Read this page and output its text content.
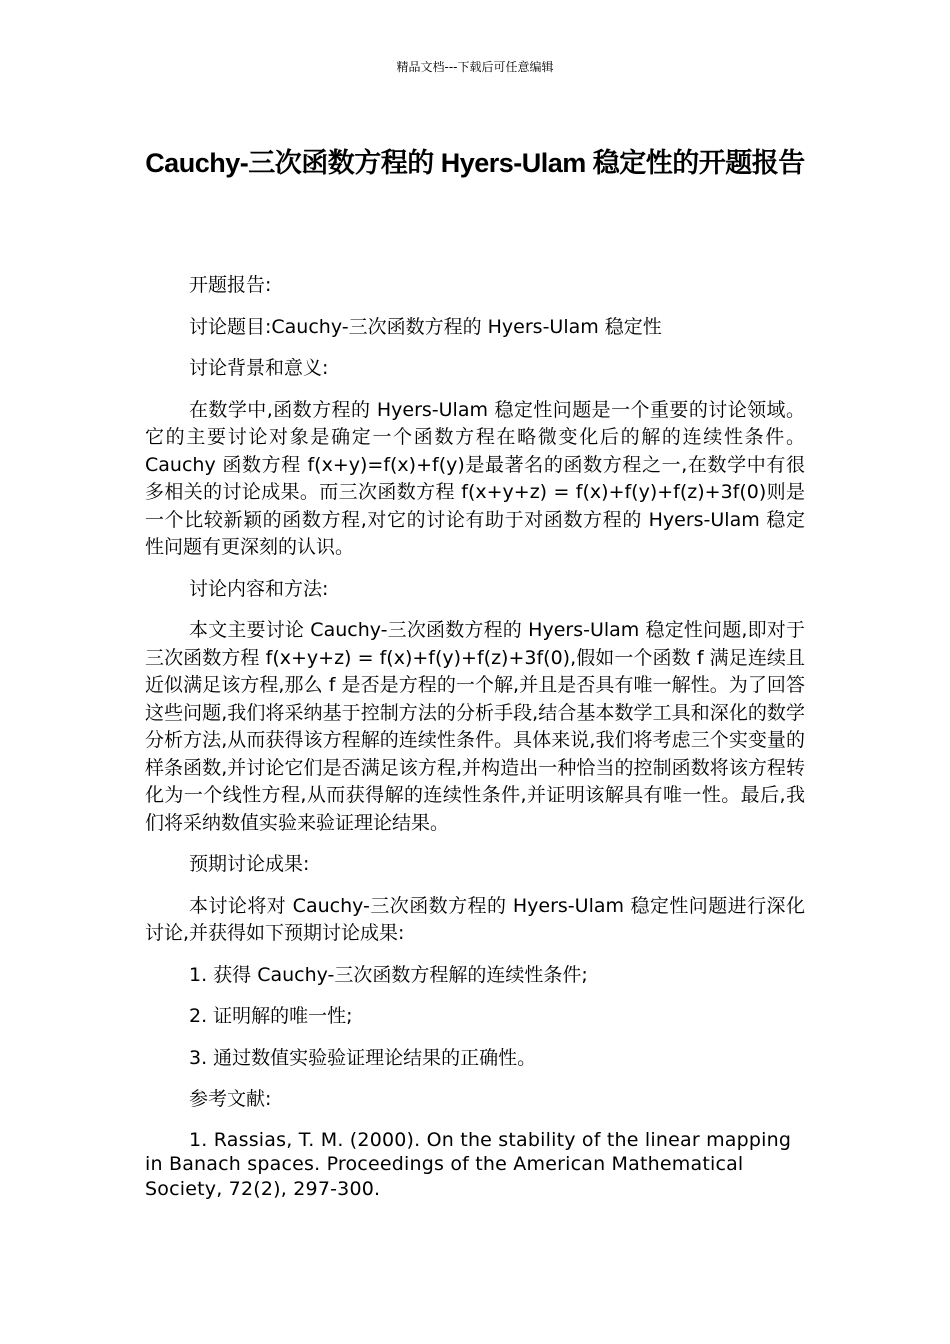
精品文档---下载后可任意编辑
Cauchy-三次函数方程的 Hyers-Ulam 稳定性的开题报告

开题报告:

讨论题目:Cauchy-三次函数方程的 Hyers-Ulam 稳定性

讨论背景和意义:

在数学中,函数方程的 Hyers-Ulam 稳定性问题是一个重要的讨论领域。它的主要讨论对象是确定一个函数方程在略微变化后的解的连续性条件。Cauchy 函数方程 f(x+y)=f(x)+f(y)是最著名的函数方程之一,在数学中有很多相关的讨论成果。而三次函数方程 f(x+y+z) = f(x)+f(y)+f(z)+3f(0)则是一个比较新颖的函数方程,对它的讨论有助于对函数方程的 Hyers-Ulam 稳定性问题有更深刻的认识。

讨论内容和方法:

本文主要讨论 Cauchy-三次函数方程的 Hyers-Ulam 稳定性问题,即对于三次函数方程 f(x+y+z) = f(x)+f(y)+f(z)+3f(0),假如一个函数 f 满足连续且近似满足该方程,那么 f 是否是方程的一个解,并且是否具有唯一解性。为了回答这些问题,我们将采纳基于控制方法的分析手段,结合基本数学工具和深化的数学分析方法,从而获得该方程解的连续性条件。具体来说,我们将考虑三个实变量的样条函数,并讨论它们是否满足该方程,并构造出一种恰当的控制函数将该方程转化为一个线性方程,从而获得解的连续性条件,并证明该解具有唯一性。最后,我们将采纳数值实验来验证理论结果。

预期讨论成果:

本讨论将对 Cauchy-三次函数方程的 Hyers-Ulam 稳定性问题进行深化讨论,并获得如下预期讨论成果:

1. 获得 Cauchy-三次函数方程解的连续性条件;

2. 证明解的唯一性;

3. 通过数值实验验证理论结果的正确性。

参考文献:

1. Rassias, T. M. (2000). On the stability of the linear mapping in Banach spaces. Proceedings of the American Mathematical Society, 72(2), 297-300.
